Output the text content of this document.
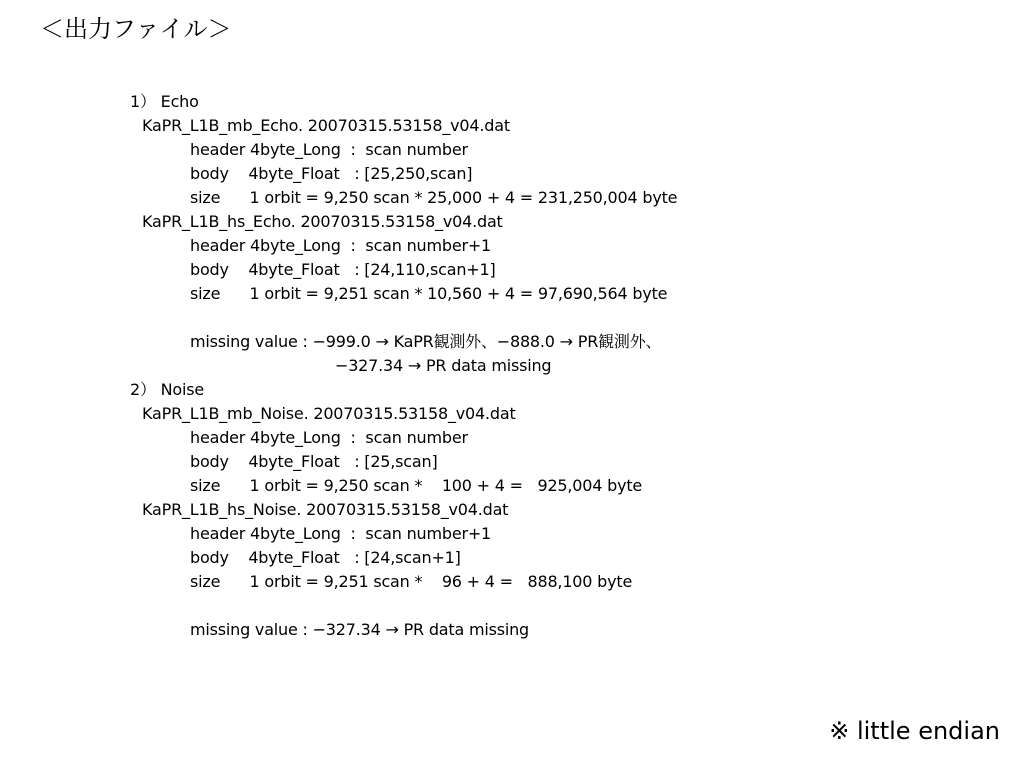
＜出力ファイル＞
1） Echo
KaPR_L1B_mb_Echo. 20070315.53158_v04.dat
header 4byte_Long  :  scan number
body    4byte_Float   : [25,250,scan]
size      1 orbit = 9,250 scan * 25,000 + 4 = 231,250,004 byte
KaPR_L1B_hs_Echo. 20070315.53158_v04.dat
header 4byte_Long  :  scan number+1
body    4byte_Float   : [24,110,scan+1]
size      1 orbit = 9,251 scan * 10,560 + 4 = 97,690,564 byte
missing value : −999.0 → KaPR観測外、−888.0 → PR観測外、
−327.34 → PR data missing
2） Noise
KaPR_L1B_mb_Noise. 20070315.53158_v04.dat
header 4byte_Long  :  scan number
body    4byte_Float   : [25,scan]
size      1 orbit = 9,250 scan *    100 + 4 =   925,004 byte
KaPR_L1B_hs_Noise. 20070315.53158_v04.dat
header 4byte_Long  :  scan number+1
body    4byte_Float   : [24,scan+1]
size      1 orbit = 9,251 scan *    96 + 4 =   888,100 byte
missing value : −327.34 → PR data missing
※ little endian
